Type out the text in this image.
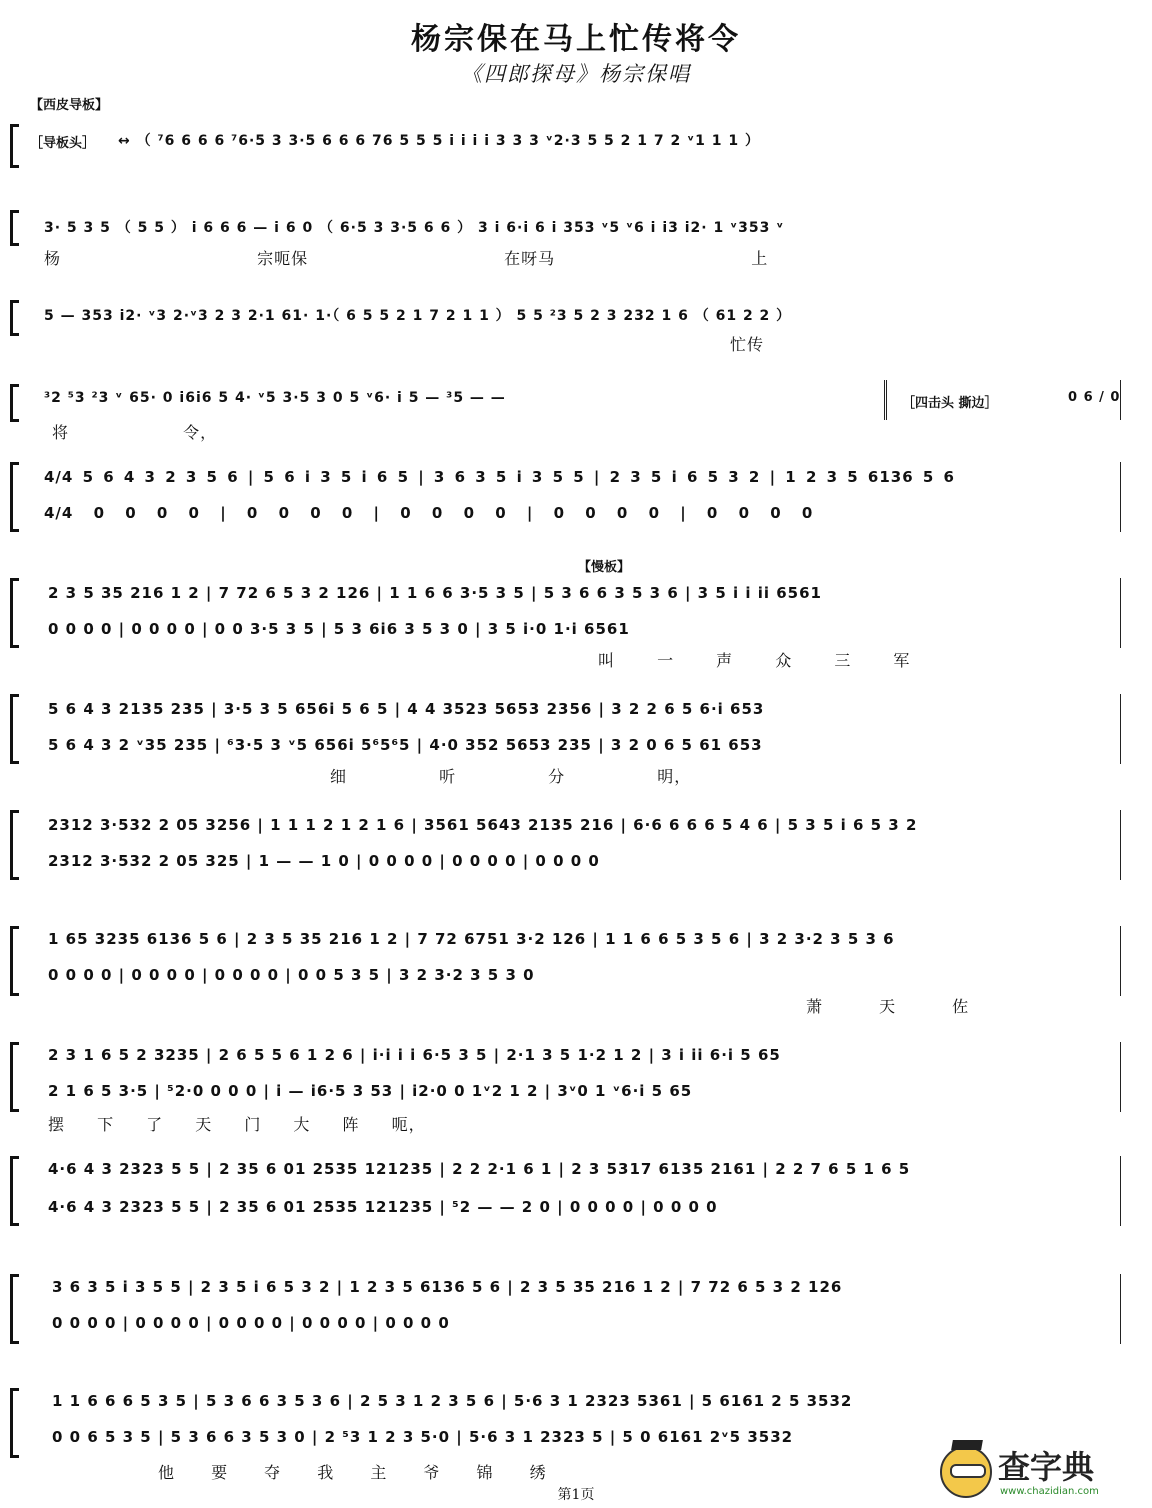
杨宗保在马上忙传将令
《四郎探母》杨宗保唱
【西皮导板】
［导板头］ ↔ （ ⁷6 6 6 6 ⁷6·5 3 3·5 6 6 6 76 5 5 5 i i i i 3 3 3 ᵛ2·3 5 5 2 1 7 2 ᵛ1 1 1 ）
3· 5 3 5 （ 5 5 ） i 6 6 6 — i 6 0 （ 6·5 3 3·5 6 6 ） 3 i 6·i 6 i 353 ᵛ5 ᵛ6 i i3 i2· 1 ᵛ353 ᵛ
杨 宗呃保 在呀马 上
5 — 353 i2· ᵛ3 2·ᵛ3 2 3 2·1 61· 1·（ 6 5 5 2 1 7 2 1 1 ） 5 5 ²3 5 2 3 232 1 6 （ 61 2 2 ）
忙传
³2 ⁵3 ²3 ᵛ 65· 0 i6i6 5 4· ᵛ5 3·5 3 0 5 ᵛ6· i 5 — ³5 — —	［四击头 撕边］	0 6 / 0
将 令，
4/4 5 6 4 3 2 3 5 6 | 5 6 i 3 5 i 6 5 | 3 6 3 5 i 3 5 5 | 2 3 5 i 6 5 3 2 | 1 2 3 5 6136 5 6
4/4 0 0 0 0 | 0 0 0 0 | 0 0 0 0 | 0 0 0 0 | 0 0 0 0
【慢板】
2 3 5 35 216 1 2 | 7 72 6 5 3 2 126 | 1 1 6 6 3·5 3 5 | 5 3 6 6 3 5 3 6 | 3 5 i i ii 6561
0 0 0 0 | 0 0 0 0 | 0 0 3·5 3 5 | 5 3 6i6 3 5 3 0 | 3 5 i·0 1·i 6561
叫 一 声 众 三 军
5 6 4 3 2135 235 | 3·5 3 5 656i 5 6 5 | 4 4 3523 5653 2356 | 3 2 2 6 5 6·i 653
5 6 4 3 2 ᵛ35 235 | ⁶3·5 3 ᵛ5 656i 5⁶5⁶5 | 4·0 352 5653 235 | 3 2 0 6 5 61 653
细 听 分 明，
2312 3·532 2 05 3256 | 1 1 1 2 1 2 1 6 | 3561 5643 2135 216 | 6·6 6 6 6 5 4 6 | 5 3 5 i 6 5 3 2
2312 3·532 2 05 325 | 1 — — 1 0 | 0 0 0 0 | 0 0 0 0 | 0 0 0 0
1 65 3235 6136 5 6 | 2 3 5 35 216 1 2 | 7 72 6751 3·2 126 | 1 1 6 6 5 3 5 6 | 3 2 3·2 3 5 3 6
0 0 0 0 | 0 0 0 0 | 0 0 0 0 | 0 0 5 3 5 | 3 2 3·2 3 5 3 0
萧 天 佐
2 3 1 6 5 2 3235 | 2 6 5 5 6 1 2 6 | i·i i i 6·5 3 5 | 2·1 3 5 1·2 1 2 | 3 i ii 6·i 5 65
2 1 6 5 3·5 | ⁵2·0 0 0 0 | i — i6·5 3 53 | i2·0 0 1ᵛ2 1 2 | 3ᵛ0 1 ᵛ6·i 5 65
摆 下 了 天 门 大 阵 呃，
4·6 4 3 2323 5 5 | 2 35 6 01 2535 121235 | 2 2 2·1 6 1 | 2 3 5317 6135 2161 | 2 2 7 6 5 1 6 5
4·6 4 3 2323 5 5 | 2 35 6 01 2535 121235 | ⁵2 — — 2 0 | 0 0 0 0 | 0 0 0 0
3 6 3 5 i 3 5 5 | 2 3 5 i 6 5 3 2 | 1 2 3 5 6136 5 6 | 2 3 5 35 216 1 2 | 7 72 6 5 3 2 126
0 0 0 0 | 0 0 0 0 | 0 0 0 0 | 0 0 0 0 | 0 0 0 0
1 1 6 6 6 5 3 5 | 5 3 6 6 3 5 3 6 | 2 5 3 1 2 3 5 6 | 5·6 3 1 2323 5361 | 5 6161 2 5 3532
0 0 6 5 3 5 | 5 3 6 6 3 5 3 0 | 2 ⁵3 1 2 3 5·0 | 5·6 3 1 2323 5 | 5 0 6161 2ᵛ5 3532
他 要 夺 我 主 爷 锦 绣
第1页
查字典
www.chazidian.com
